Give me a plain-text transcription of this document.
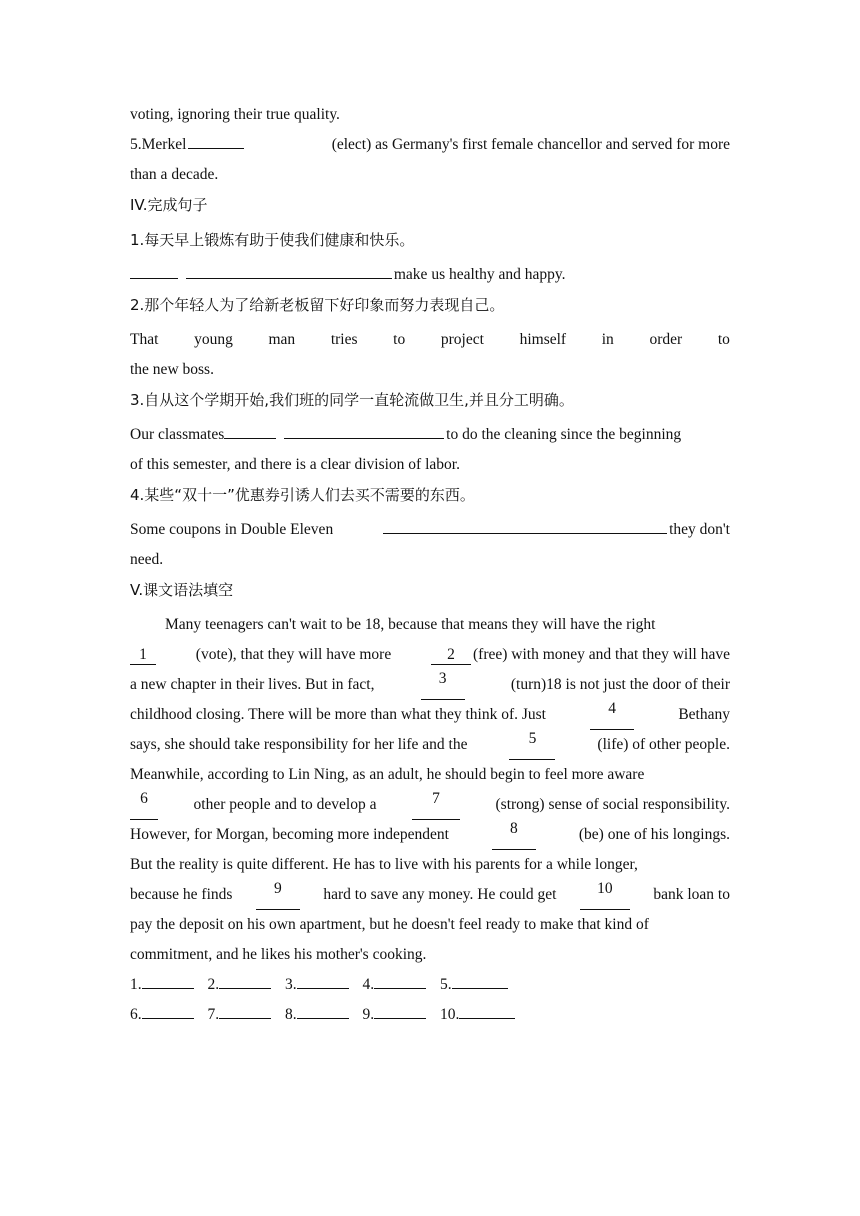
voting, ignoring their true quality.
5.Merkel	(elect) as Germany's first female chancellor and served for more
than a decade.
IV.完成句子
1.每天早上锻炼有助于使我们健康和快乐。
make us healthy and happy.
2.那个年轻人为了给新老板留下好印象而努力表现自己。
That young man tries to project himself in order to
the new boss.
3.自从这个学期开始,我们班的同学一直轮流做卫生,并且分工明确。
Our classmates	to do the cleaning since the beginning
of this semester, and there is a clear division of labor.
4.某些“双十一”优惠券引诱人们去买不需要的东西。
Some coupons in Double Eleven	they don't
need.
V.课文语法填空
Many teenagers can't wait to be 18, because that means they will have the right
1	(vote), that they will have more	2 (free) with money and that they will have
a new chapter in their lives. But in fact,	3	(turn)18 is not just the door of their
childhood closing. There will be more than what they think of. Just	4	Bethany
says, she should take responsibility for her life and the	5	(life) of other people.
Meanwhile, according to Lin Ning, as an adult, he should begin to feel more aware
6	other people and to develop a	7	(strong) sense of social responsibility.
However, for Morgan, becoming more independent	8	(be) one of his longings.
But the reality is quite different. He has to live with his parents for a while longer,
because he finds	9	hard to save any money. He could get	10	bank loan to
pay the deposit on his own apartment, but he doesn't feel ready to make that kind of
commitment, and he likes his mother's cooking.
1.	2.	3.	4.	5.
6.	7.	8.	9.	10.
